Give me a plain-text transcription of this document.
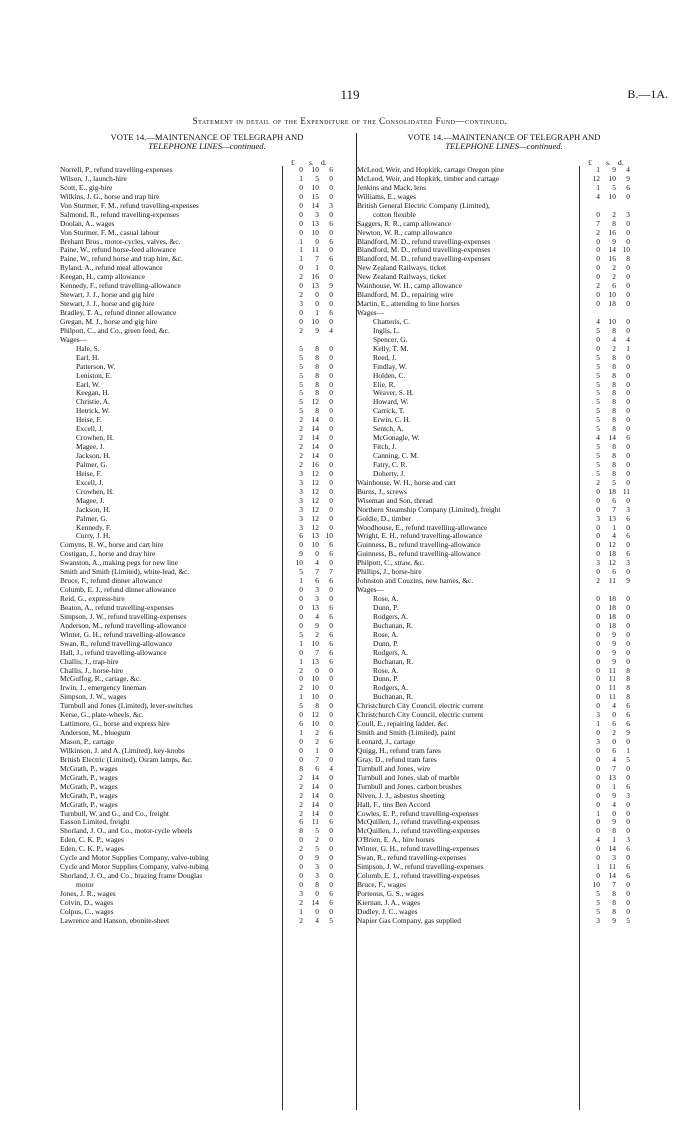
119	B.—1A.
Statement in detail of the Expenditure of the Consolidated Fund—continued.
VOTE 14.—MAINTENANCE OF TELEGRAPH AND
TELEPHONE LINES—continued.
£ s. d.
Norrell, P., refund travelling-expenses	0	10	6
Wilson, J., launch-hire	1	5	0
Scott, E., gig-hire	0	10	0
Wilkins, J. G., horse and trap hire	0	15	0
Von Sturmer, F. M., refund travelling-expenses	0	14	3
Salmond, R., refund travelling-expenses	0	3	0
Doolan, A., wages	0	13	6
Von Sturmer, F. M., casual labour	0	10	0
Brehant Bros., motor-cycles, valves, &c.	1	0	6
Paine, W., refund horse-feed allowance	1	11	0
Paine, W., refund horse and trap hire, &c.	1	7	6
Ryland, A., refund meal allowance	0	1	0
Keegan, H., camp allowance	2	16	0
Kennedy, F., refund travelling-allowance	0	13	9
Stewart, J. J., horse and gig hire	2	0	0
Stewart, J. J., horse and gig hire	3	0	0
Bradley, T. A., refund dinner allowance	0	1	6
Gregan, M. J., horse and gig hire	0	10	0
Philpott, C., and Co., green feed, &c.	2	9	4
Wages—
Hale, S.	5	8	0
Earl, H.	5	8	0
Patterson, W.	5	8	0
Leniston, E.	5	8	0
Earl, W.	5	8	0
Keegan, H.	5	8	0
Christie, A.	5	12	0
Hetrick, W.	5	8	0
Heise, F.	2	14	0
Excell, J.	2	14	0
Crowhen, H.	2	14	0
Magee, J.	2	14	0
Jackson, H.	2	14	0
Palmer, G.	2	16	0
Heise, F.	3	12	0
Excell, J.	3	12	0
Crowhen, H.	3	12	0
Magee, J.	3	12	0
Jackson, H.	3	12	0
Palmer, G.	3	12	0
Kennedy, F.	3	12	0
Curry, J. H.	6	13 10
Comyns, R. W., horse and cart hire	0	10	6
Costigan, J., horse and dray hire	9	0	6
Swanston, A., making pegs for new line	10	4	0
Smith and Smith (Limited), white-lead, &c.	5	7	7
Bruce, F., refund dinner allowance	1	6	6
Columb, E. J., refund dinner allowance	0	3	0
Reid, G., express-hire	0	3	0
Beaton, A., refund travelling-expenses	0	13	6
Simpson, J. W., refund travelling-expenses	0	4	6
Anderson, M., refund travelling-allowance	0	9	0
Winter, G. H., refund travelling-allowance	5	2	6
Swan, R., refund travelling-allowance	1	10	6
Hall, J., refund travelling-allowance	0	7	6
Challis, J., trap-hire	1	13	6
Challis, J., horse-hire	2	0	0
McGuffog, R., cartage, &c.	0	10	0
Irwin, J., emergency lineman	2	10	0
Simpson, J. W., wages	1	10	0
Turnbull and Jones (Limited), lever-switches	5	8	0
Kerse, G., plate-wheels, &c.	0	12	0
Lattimore, G., horse and express hire	6	10	0
Anderson, M., bluegum	1	2	6
Mason, P., cartage	0	2	6
Wilkinson, J. and A. (Limited), key-knobs	0	1	0
British Electric (Limited), Osram lamps, &c.	0	7	0
McGrath, P., wages	8	6	4
McGrath, P., wages	2	14	0
McGrath, P., wages	2	14	0
McGrath, P., wages	2	14	0
McGrath, P., wages	2	14	0
Turnbull, W. and G., and Co., freight	2	14	0
Easson Limited, freight	6	11	6
Shorland, J. O., and Co., motor-cycle wheels	8	5	0
Eden, C. K. P., wages	0	2	0
Eden, C. K. P., wages	2	5	0
Cycle and Motor Supplies Company, valve-tubing	0	9	0
Cycle and Motor Supplies Company, valve-tubing	0	3	0
Shorland, J. O., and Co., brazing frame Douglas	0	3	0
motor	0	8	0
Jones, J. R., wages	3	0	6
Colvin, D., wages	2	14	6
Colpus, C., wages	1	0	0
Lawrence and Hanson, ebonite-sheet	2	4	5
VOTE 14.—MAINTENANCE OF TELEGRAPH AND
TELEPHONE LINES—continued.
£ s. d.
McLeod, Weir, and Hopkirk, cartage Oregon pine	1	9	4
McLeod, Weir, and Hopkirk, timber and cartage	12	10	9
Jenkins and Mack, lens	1	5	6
Williams, E., wages	4	10	0
British General Electric Company (Limited),
cotton flexible	0	2	3
Saggers, R. R., camp allowance	7	8	0
Newton, W. R., camp allowance	2	16	0
Blandford, M. D., refund travelling-expenses	0	9	0
Blandford, M. D., refund travelling-expenses	0	14 10
Blandford, M. D., refund travelling-expenses	0	16	8
New Zealand Railways, ticket	0	2	0
New Zealand Railways, ticket	0	2	0
Wainhouse, W. H., camp allowance	2	6	0
Blandford, M. D., repairing wire	0	10	0
Martin, E., attending to line horses	0	18	0
Wages—
Chatteris, C.	4	10	0
Inglis, L.	5	8	0
Spencer, G.	0	4	4
Kelly, T. M.	0	2	1
Reed, J.	5	8	0
Findlay, W.	5	8	0
Holden, C.	5	8	0
Elie, R.	5	8	0
Weaver, S. H.	5	8	0
Howard, W.	5	8	0
Carrick, T.	5	8	0
Erwin, C. H.	5	8	0
Sentch, A.	5	8	0
McGonagle, W.	4	14	6
Fitch, J.	5	8	0
Canning, C. M.	5	8	0
Fatry, C. R.	5	8	0
Doherty, J.	5	8	0
Wainhouse, W. H., horse and cart	2	5	0
Burns, J., screws	0	18 11
Wiseman and Son, thread	0	6	0
Northern Steamship Company (Limited), freight	0	7	3
Goldie, D., timber	3	13	6
Woodhouse, E., refund travelling-allowance	0	1	0
Wright, E. H., refund travelling-allowance	0	4	6
Guinness, B., refund travelling-allowance	0	12	0
Guinness, B., refund travelling-allowance	0	18	6
Philpott, C., straw, &c.	3	12	3
Phillips, J., horse-hire	0	6	0
Johnston and Couzins, new hames, &c.	2	11	9
Wages—
Rose, A.	0	18	0
Dunn, P.	0	18	0
Rodgers, A.	0	18	0
Buchanan, R.	0	18	0
Rose, A.	0	9	0
Dunn, P.	0	9	0
Rodgers, A.	0	9	0
Buchanan, R.	0	9	0
Rose, A.	0	11	8
Dunn, P.	0	11	8
Rodgers, A.	0	11	8
Buchanan, R.	0	11	8
Christchurch City Council, electric current	0	4	6
Christchurch City Council, electric current	3	0	6
Coull, E., repairing ladder, &c.	1	6	6
Smith and Smith (Limited), paint	0	2	9
Leonard, J., cartage	3	0	0
Quigg, H., refund tram fares	0	6	1
Gray, D., refund tram fares	0	4	5
Turnbull and Jones, wire	0	7	0
Turnbull and Jones, slab of marble	0	13	0
Turnbull and Jones, carbon brushes	0	1	6
Niven, J. J., asbestos sheeting	0	9	3
Hall, F., tins Ben Accord	0	4	0
Cowles, E. P., refund travelling-expenses	1	0	0
McQuillen, J., refund travelling-expenses	0	9	0
McQuillen, J., refund travelling-expenses	0	8	0
O'Brien, E. A., hire horses	4	1	3
Winter, G. H., refund travelling-expenses	0	14	6
Swan, R., refund travelling-expenses	0	3	0
Simpson, J. W., refund travelling-expenses	1	11	6
Columb, E. J., refund travelling-expenses	0	14	6
Bruce, F., wages	10	7	0
Porteous, G. S., wages	5	8	0
Kiernan, J. A., wages	5	8	0
Dudley, J. C., wages	5	8	0
Napier Gas Company, gas supplied	3	9	5
